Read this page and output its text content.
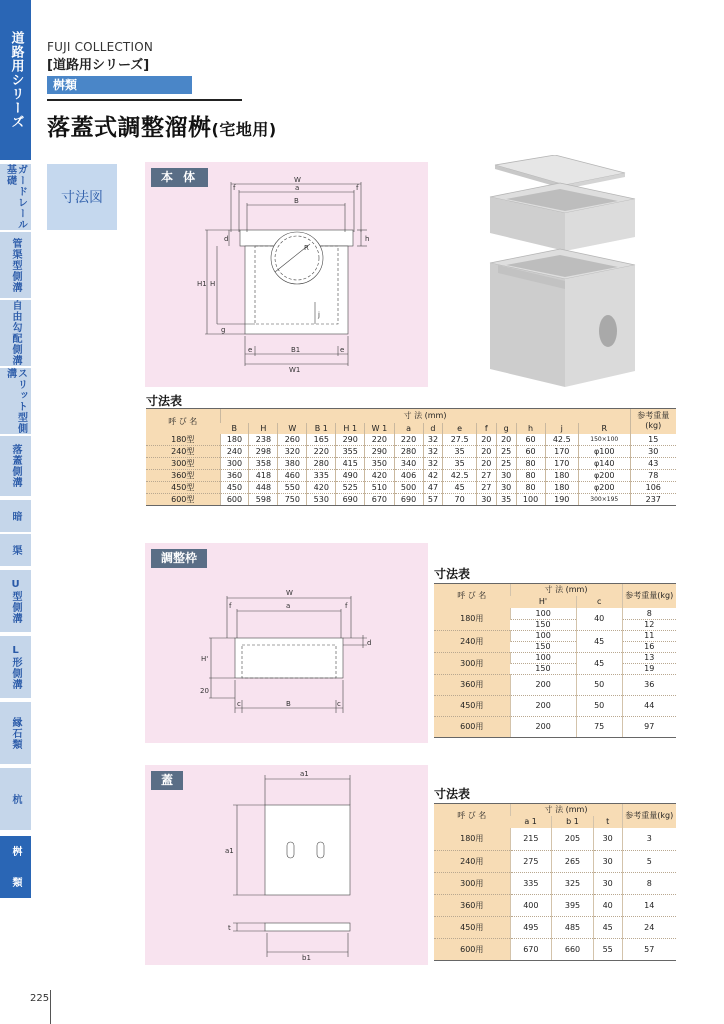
道路用シリーズ
ガードレール基礎
管渠型側溝
自由勾配側溝
スリット型側溝
落蓋側溝
暗
渠
U型側溝
L形側溝
縁石類
杭
桝
類
FUJI COLLECTION
[道路用シリーズ]
桝類
落蓋式調整溜桝(宅地用)
寸法図
W
a
B
f	f
d	h
H1 H
R
j
g
e	e
B1
W1
本 体
寸法表
呼 び 名	寸 法 (mm)														参考重量(kg)
	B	H	W	B 1	H 1	W 1	a	d	e	f	g	h	j	R	
180型	180	238	260	165	290	220	220	32	27.5	20	20	60	42.5	150×100	15
240型	240	298	320	220	355	290	280	32	35	20	25	60	170	φ100	30
300型	300	358	380	280	415	350	340	32	35	20	25	80	170	φ140	43
360型	360	418	460	335	490	420	406	42	42.5	27	30	80	180	φ200	78
450型	450	448	550	420	525	510	500	47	45	27	30	80	180	φ200	106
600型	600	598	750	530	690	670	690	57	70	30	35	100	190	300×195	237
W
a
f	f
d
H'
20
c	c
B
調整枠
寸法表
呼 び 名	寸 法 (mm)		参考重量(kg)
	H'	c	
180用	100	40	8
	150		12
240用	100	45	11
	150		16
300用	100	45	13
	150		19
360用	200	50	36
450用	200	50	44
600用	200	75	97
a1
a1
t
b1
蓋
寸法表
呼 び 名	寸 法 (mm)			参考重量(kg)
	a 1	b 1	t	
180用	215	205	30	3
240用	275	265	30	5
300用	335	325	30	8
360用	400	395	40	14
450用	495	485	45	24
600用	670	660	55	57
225
